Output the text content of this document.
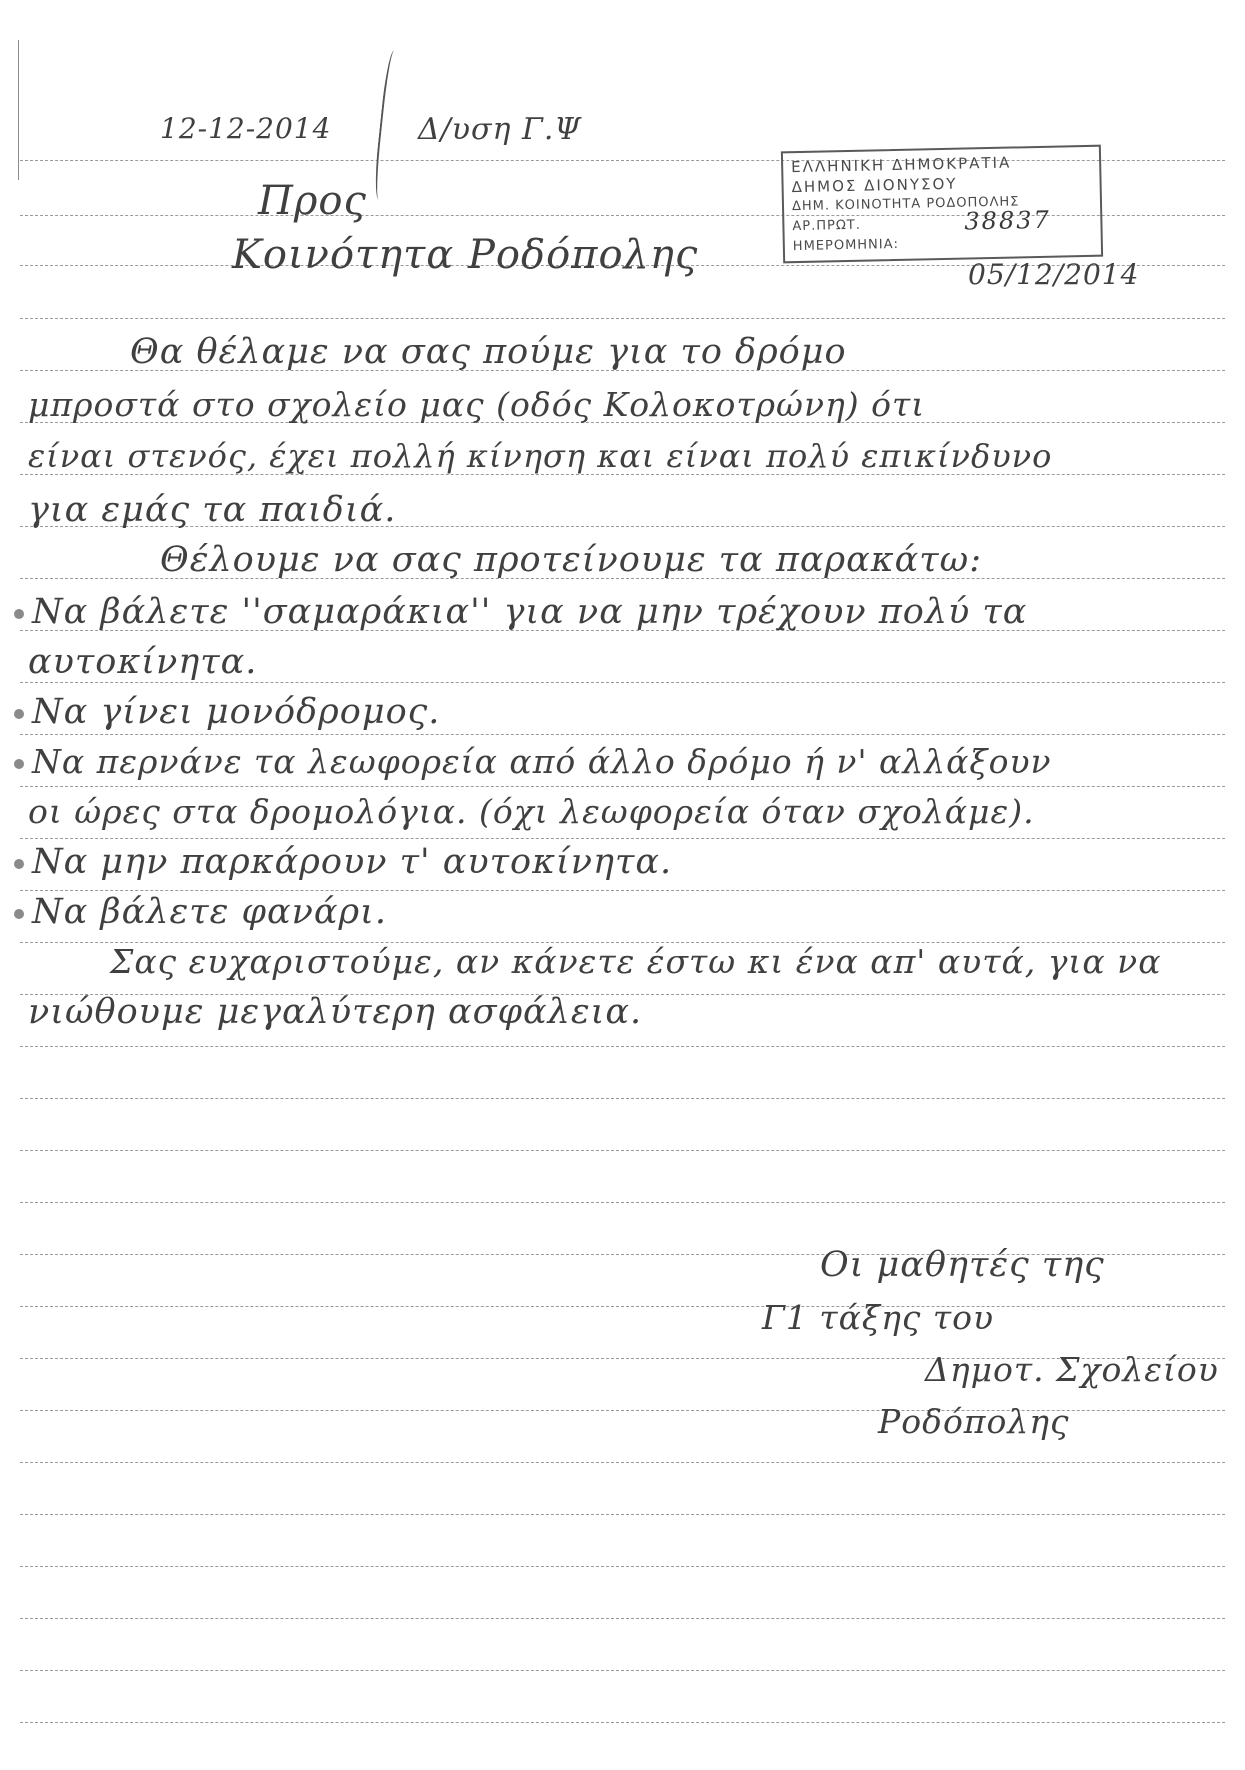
12-12-2014	Δ/υση Γ.Ψ
ΕΛΛΗΝΙΚΗ ΔΗΜΟΚΡΑΤΙΑ
ΔΗΜΟΣ ΔΙΟΝΥΣΟΥ
ΔΗΜ. ΚΟΙΝΟΤΗΤΑ ΡΟΔΟΠΟΛΗΣ
ΑΡ.ΠΡΩΤ.
ΗΜΕΡΟΜΗΝΙΑ:
38837
05/12/2014
Προς
Κοινότητα Ροδόπολης
Θα θέλαμε να σας πούμε για το δρόμο
μπροστά στο σχολείο μας (οδός Κολοκοτρώνη) ότι
είναι στενός, έχει πολλή κίνηση και είναι πολύ επικίνδυνο
για εμάς τα παιδιά.
Θέλουμε να σας προτείνουμε τα παρακάτω:
Να βάλετε ''σαμαράκια'' για να μην τρέχουν πολύ τα
αυτοκίνητα.
Να γίνει μονόδρομος.
Να περνάνε τα λεωφορεία από άλλο δρόμο ή ν' αλλάξουν
οι ώρες στα δρομολόγια. (όχι λεωφορεία όταν σχολάμε).
Να μην παρκάρουν τ' αυτοκίνητα.
Να βάλετε φανάρι.
Σας ευχαριστούμε, αν κάνετε έστω κι ένα απ' αυτά, για να
νιώθουμε μεγαλύτερη ασφάλεια.
Οι μαθητές της
Γ1 τάξης του
Δημοτ. Σχολείου
Ροδόπολης
